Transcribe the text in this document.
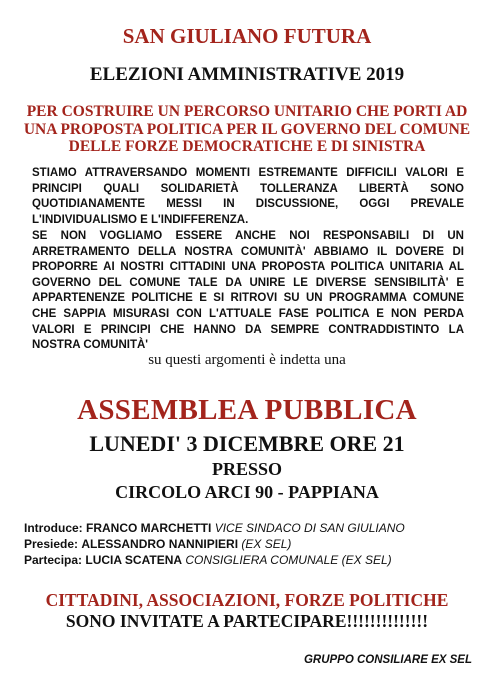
SAN GIULIANO FUTURA
ELEZIONI AMMINISTRATIVE 2019
PER COSTRUIRE UN PERCORSO UNITARIO CHE PORTI AD UNA PROPOSTA POLITICA PER IL GOVERNO DEL COMUNE DELLE FORZE DEMOCRATICHE E DI SINISTRA
STIAMO ATTRAVERSANDO MOMENTI ESTREMANTE DIFFICILI VALORI E PRINCIPI QUALI SOLIDARIETÀ TOLLERANZA LIBERTÀ SONO QUOTIDIANAMENTE MESSI IN DISCUSSIONE, OGGI PREVALE L'INDIVIDUALISMO E L'INDIFFERENZA.
SE NON VOGLIAMO ESSERE ANCHE NOI RESPONSABILI DI UN ARRETRAMENTO DELLA NOSTRA COMUNITÀ' ABBIAMO IL DOVERE DI PROPORRE AI NOSTRI CITTADINI UNA PROPOSTA POLITICA UNITARIA AL GOVERNO DEL COMUNE TALE DA UNIRE LE DIVERSE SENSIBILITÀ' E APPARTENENZE POLITICHE E SI RITROVI SU UN PROGRAMMA COMUNE CHE SAPPIA MISURASI CON L'ATTUALE FASE POLITICA E NON PERDA VALORI E PRINCIPI CHE HANNO DA SEMPRE CONTRADDISTINTO LA NOSTRA COMUNITÀ'
su questi argomenti è indetta una
ASSEMBLEA PUBBLICA
LUNEDI' 3 DICEMBRE ORE 21
PRESSO
CIRCOLO ARCI 90 - PAPPIANA
Introduce: FRANCO MARCHETTI VICE SINDACO DI SAN GIULIANO
Presiede: ALESSANDRO NANNIPIERI (EX SEL)
Partecipa: LUCIA SCATENA CONSIGLIERA COMUNALE (EX SEL)
CITTADINI, ASSOCIAZIONI, FORZE POLITICHE
SONO INVITATE A PARTECIPARE!!!!!!!!!!!!!!
GRUPPO CONSILIARE EX SEL
